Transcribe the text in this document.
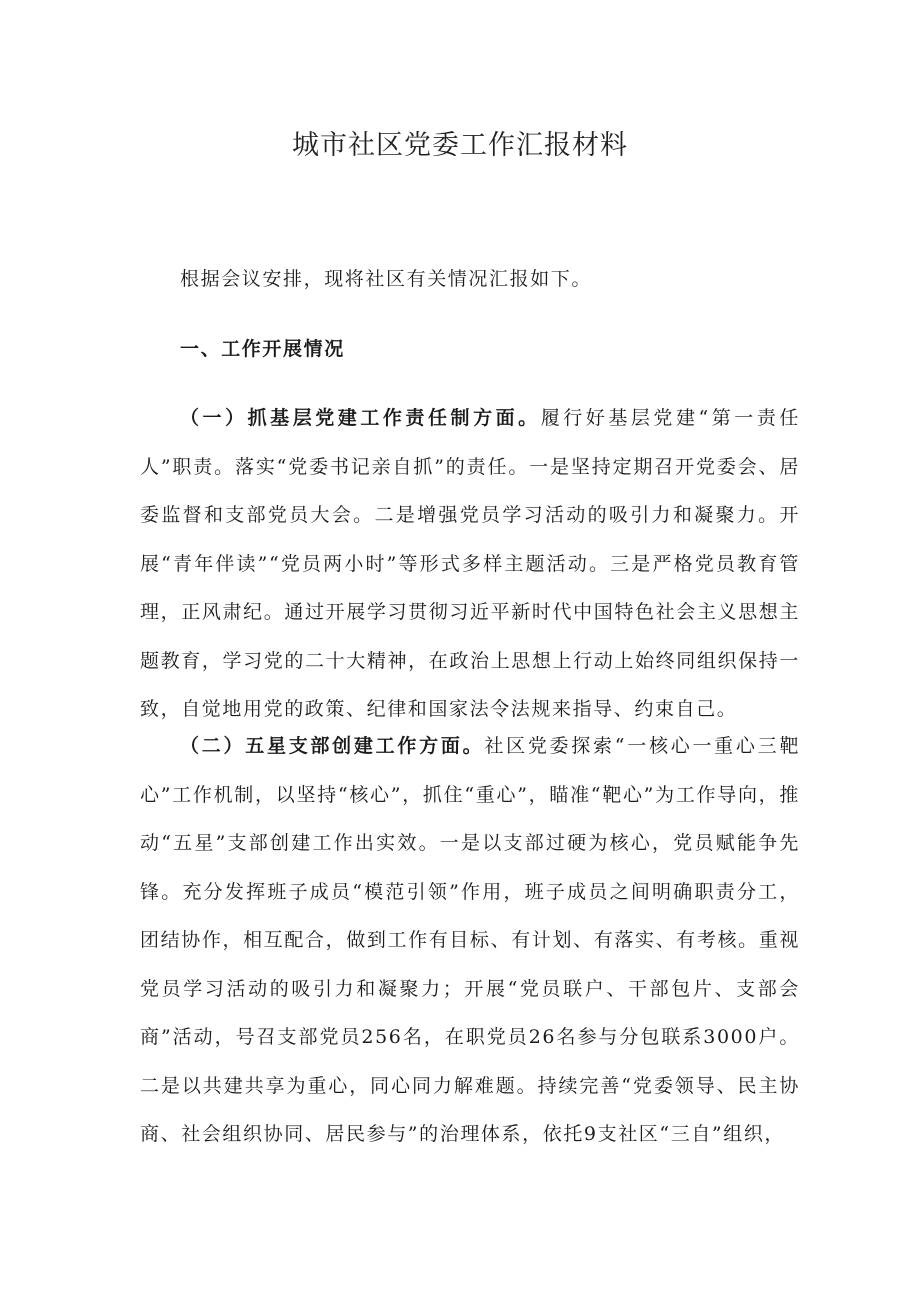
城市社区党委工作汇报材料

根据会议安排，现将社区有关情况汇报如下。

一、工作开展情况

（一）抓基层党建工作责任制方面。履行好基层党建“第一责任人”职责。落实“党委书记亲自抓”的责任。一是坚持定期召开党委会、居委监督和支部党员大会。二是增强党员学习活动的吸引力和凝聚力。开展“青年伴读”“党员两小时”等形式多样主题活动。三是严格党员教育管理，正风肃纪。通过开展学习贯彻习近平新时代中国特色社会主义思想主题教育，学习党的二十大精神，在政治上思想上行动上始终同组织保持一致，自觉地用党的政策、纪律和国家法令法规来指导、约束自己。

（二）五星支部创建工作方面。社区党委探索“一核心一重心三靶心”工作机制，以坚持“核心”，抓住“重心”，瞄准“靶心”为工作导向，推动“五星”支部创建工作出实效。一是以支部过硬为核心，党员赋能争先锋。充分发挥班子成员“模范引领”作用，班子成员之间明确职责分工，团结协作，相互配合，做到工作有目标、有计划、有落实、有考核。重视党员学习活动的吸引力和凝聚力；开展“党员联户、干部包片、支部会商”活动，号召支部党员256名，在职党员26名参与分包联系3000户。二是以共建共享为重心，同心同力解难题。持续完善“党委领导、民主协商、社会组织协同、居民参与”的治理体系，依托9支社区“三自”组织，
